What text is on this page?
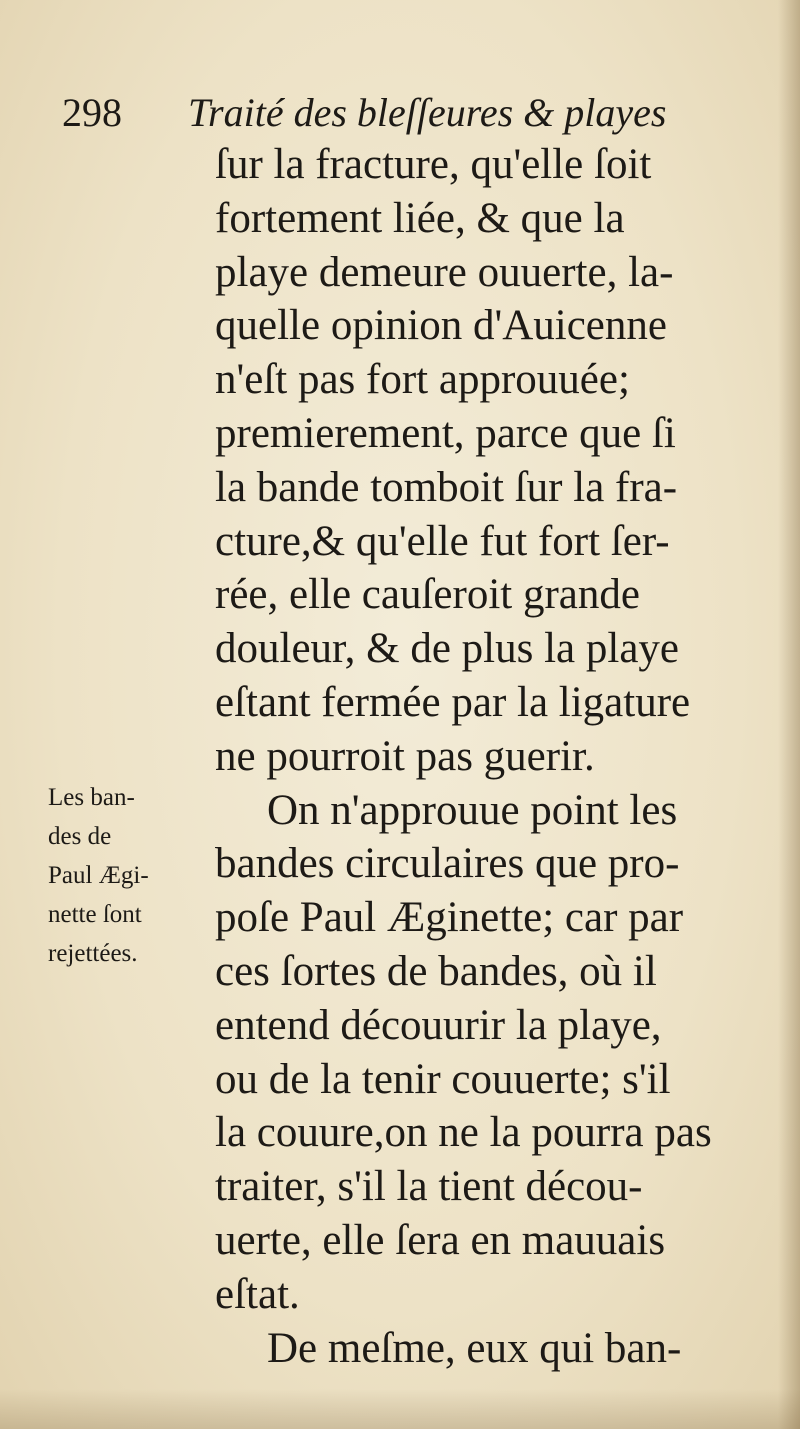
298 Traité des bleſſeures & playes
ſur la fracture, qu'elle ſoit
fortement liée, & que la
playe demeure ouuerte, la-
quelle opinion d'Auicenne
n'eſt pas fort approuuée;
premierement, parce que ſi
la bande tomboit ſur la fra-
cture,& qu'elle fut fort ſer-
rée, elle cauſeroit grande
douleur, & de plus la playe
eſtant fermée par la ligature
ne pourroit pas guerir.
On n'approuue point les
bandes circulaires que pro-
poſe Paul Æginette; car par
ces ſortes de bandes, où il
entend découurir la playe,
ou de la tenir couuerte; s'il
la couure,on ne la pourra pas
traiter, s'il la tient décou-
uerte, elle ſera en mauuais
eſtat.
De meſme, eux qui ban-
Les ban-
des de
Paul Ægi-
nette ſont
rejettées.
